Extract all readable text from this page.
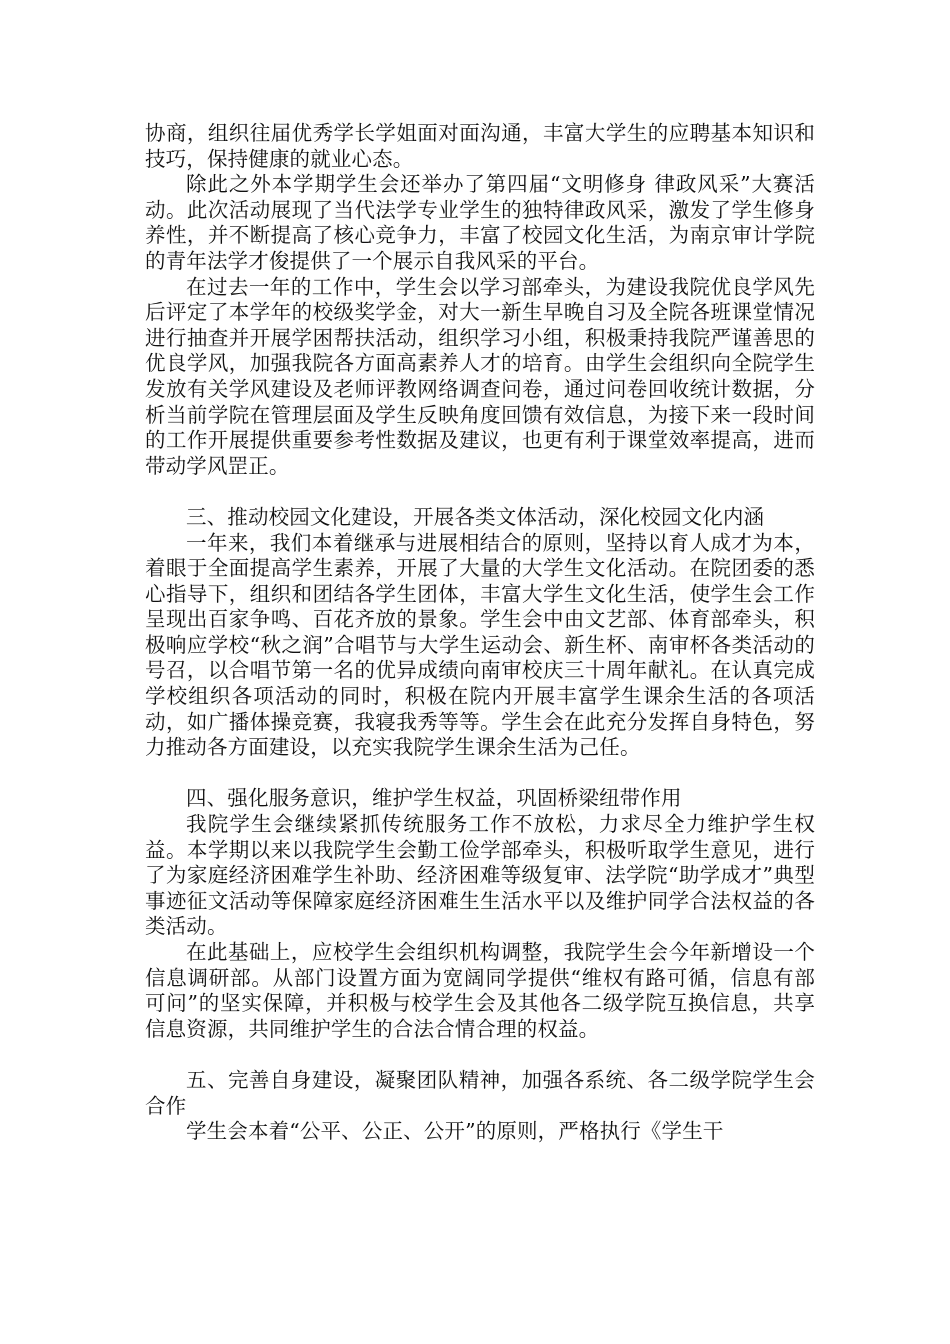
协商，组织往届优秀学长学姐面对面沟通，丰富大学生的应聘基本知识和技巧，保持健康的就业心态。

除此之外本学期学生会还举办了第四届“文明修身 律政风采”大赛活动。此次活动展现了当代法学专业学生的独特律政风采，激发了学生修身养性，并不断提高了核心竞争力，丰富了校园文化生活，为南京审计学院的青年法学才俊提供了一个展示自我风采的平台。

在过去一年的工作中，学生会以学习部牵头，为建设我院优良学风先后评定了本学年的校级奖学金，对大一新生早晚自习及全院各班课堂情况进行抽查并开展学困帮扶活动，组织学习小组，积极秉持我院严谨善思的优良学风，加强我院各方面高素养人才的培育。由学生会组织向全院学生发放有关学风建设及老师评教网络调查问卷，通过问卷回收统计数据，分析当前学院在管理层面及学生反映角度回馈有效信息，为接下来一段时间的工作开展提供重要参考性数据及建议，也更有利于课堂效率提高，进而带动学风罡正。

三、推动校园文化建设，开展各类文体活动，深化校园文化内涵

一年来，我们本着继承与进展相结合的原则，坚持以育人成才为本，着眼于全面提高学生素养，开展了大量的大学生文化活动。在院团委的悉心指导下，组织和团结各学生团体，丰富大学生文化生活，使学生会工作呈现出百家争鸣、百花齐放的景象。学生会中由文艺部、体育部牵头，积极响应学校“秋之润”合唱节与大学生运动会、新生杯、南审杯各类活动的号召，以合唱节第一名的优异成绩向南审校庆三十周年献礼。在认真完成学校组织各项活动的同时，积极在院内开展丰富学生课余生活的各项活动，如广播体操竞赛，我寝我秀等等。学生会在此充分发挥自身特色，努力推动各方面建设，以充实我院学生课余生活为己任。

四、强化服务意识，维护学生权益，巩固桥梁纽带作用

我院学生会继续紧抓传统服务工作不放松，力求尽全力维护学生权益。本学期以来以我院学生会勤工俭学部牵头，积极听取学生意见，进行了为家庭经济困难学生补助、经济困难等级复审、法学院“助学成才”典型事迹征文活动等保障家庭经济困难生生活水平以及维护同学合法权益的各类活动。

在此基础上，应校学生会组织机构调整，我院学生会今年新增设一个信息调研部。从部门设置方面为宽阔同学提供“维权有路可循，信息有部可问”的坚实保障，并积极与校学生会及其他各二级学院互换信息，共享信息资源，共同维护学生的合法合情合理的权益。

五、完善自身建设，凝聚团队精神，加强各系统、各二级学院学生会合作

学生会本着“公平、公正、公开”的原则，严格执行《学生干
